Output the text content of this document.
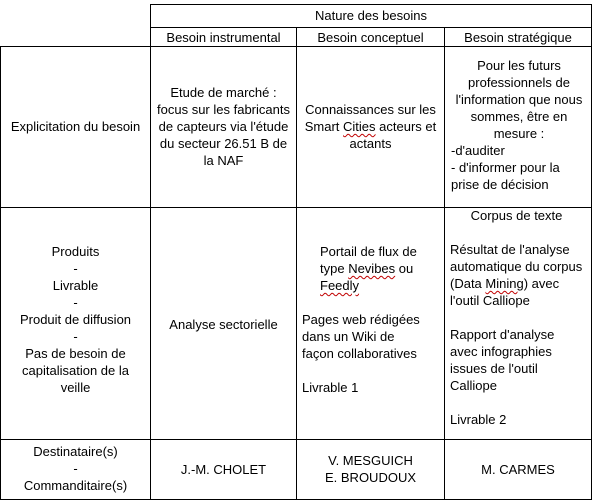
Nature des besoins
Besoin instrumental	Besoin conceptuel	Besoin stratégique
Explicitation du besoin
Etude de marché : focus sur les fabricants de capteurs via l'étude du secteur 26.51 B de la NAF
Connaissances sur les Smart Cities acteurs et actants
Pour les futurs professionnels de l'information que nous sommes, être en mesure :
-d'auditer
- d'informer pour la prise de décision
Produits
-
Livrable
-
Produit de diffusion
-
Pas de besoin de capitalisation de la veille
Analyse sectorielle
Portail de flux de type Nevibes ou Feedly
Pages web rédigées dans un Wiki de façon collaboratives
Livrable 1
Corpus de texte
Résultat de l'analyse automatique du corpus (Data Mining) avec l'outil Calliope
Rapport d'analyse avec infographies issues de l'outil Calliope
Livrable 2
Destinataire(s)
-
Commanditaire(s)
J.-M. CHOLET
V. MESGUICH
E. BROUDOUX
M. CARMES
